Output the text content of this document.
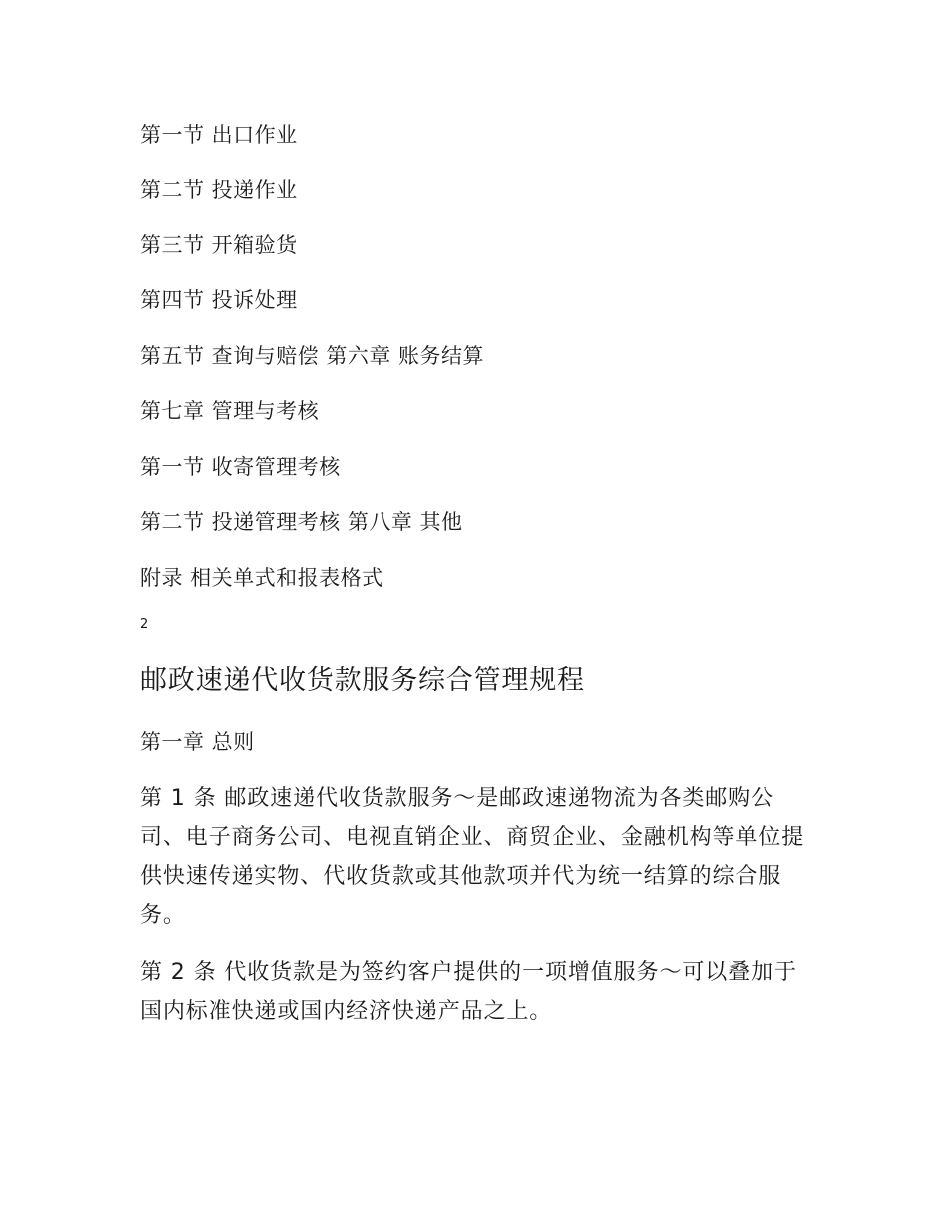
第一节 出口作业
第二节 投递作业
第三节 开箱验货
第四节 投诉处理
第五节 查询与赔偿 第六章 账务结算
第七章 管理与考核
第一节 收寄管理考核
第二节 投递管理考核 第八章 其他
附录 相关单式和报表格式
2
邮政速递代收货款服务综合管理规程
第一章 总则
第 1 条 邮政速递代收货款服务～是邮政速递物流为各类邮购公司、电子商务公司、电视直销企业、商贸企业、金融机构等单位提供快速传递实物、代收货款或其他款项并代为统一结算的综合服务。
第 2 条 代收货款是为签约客户提供的一项增值服务～可以叠加于国内标准快递或国内经济快递产品之上。
